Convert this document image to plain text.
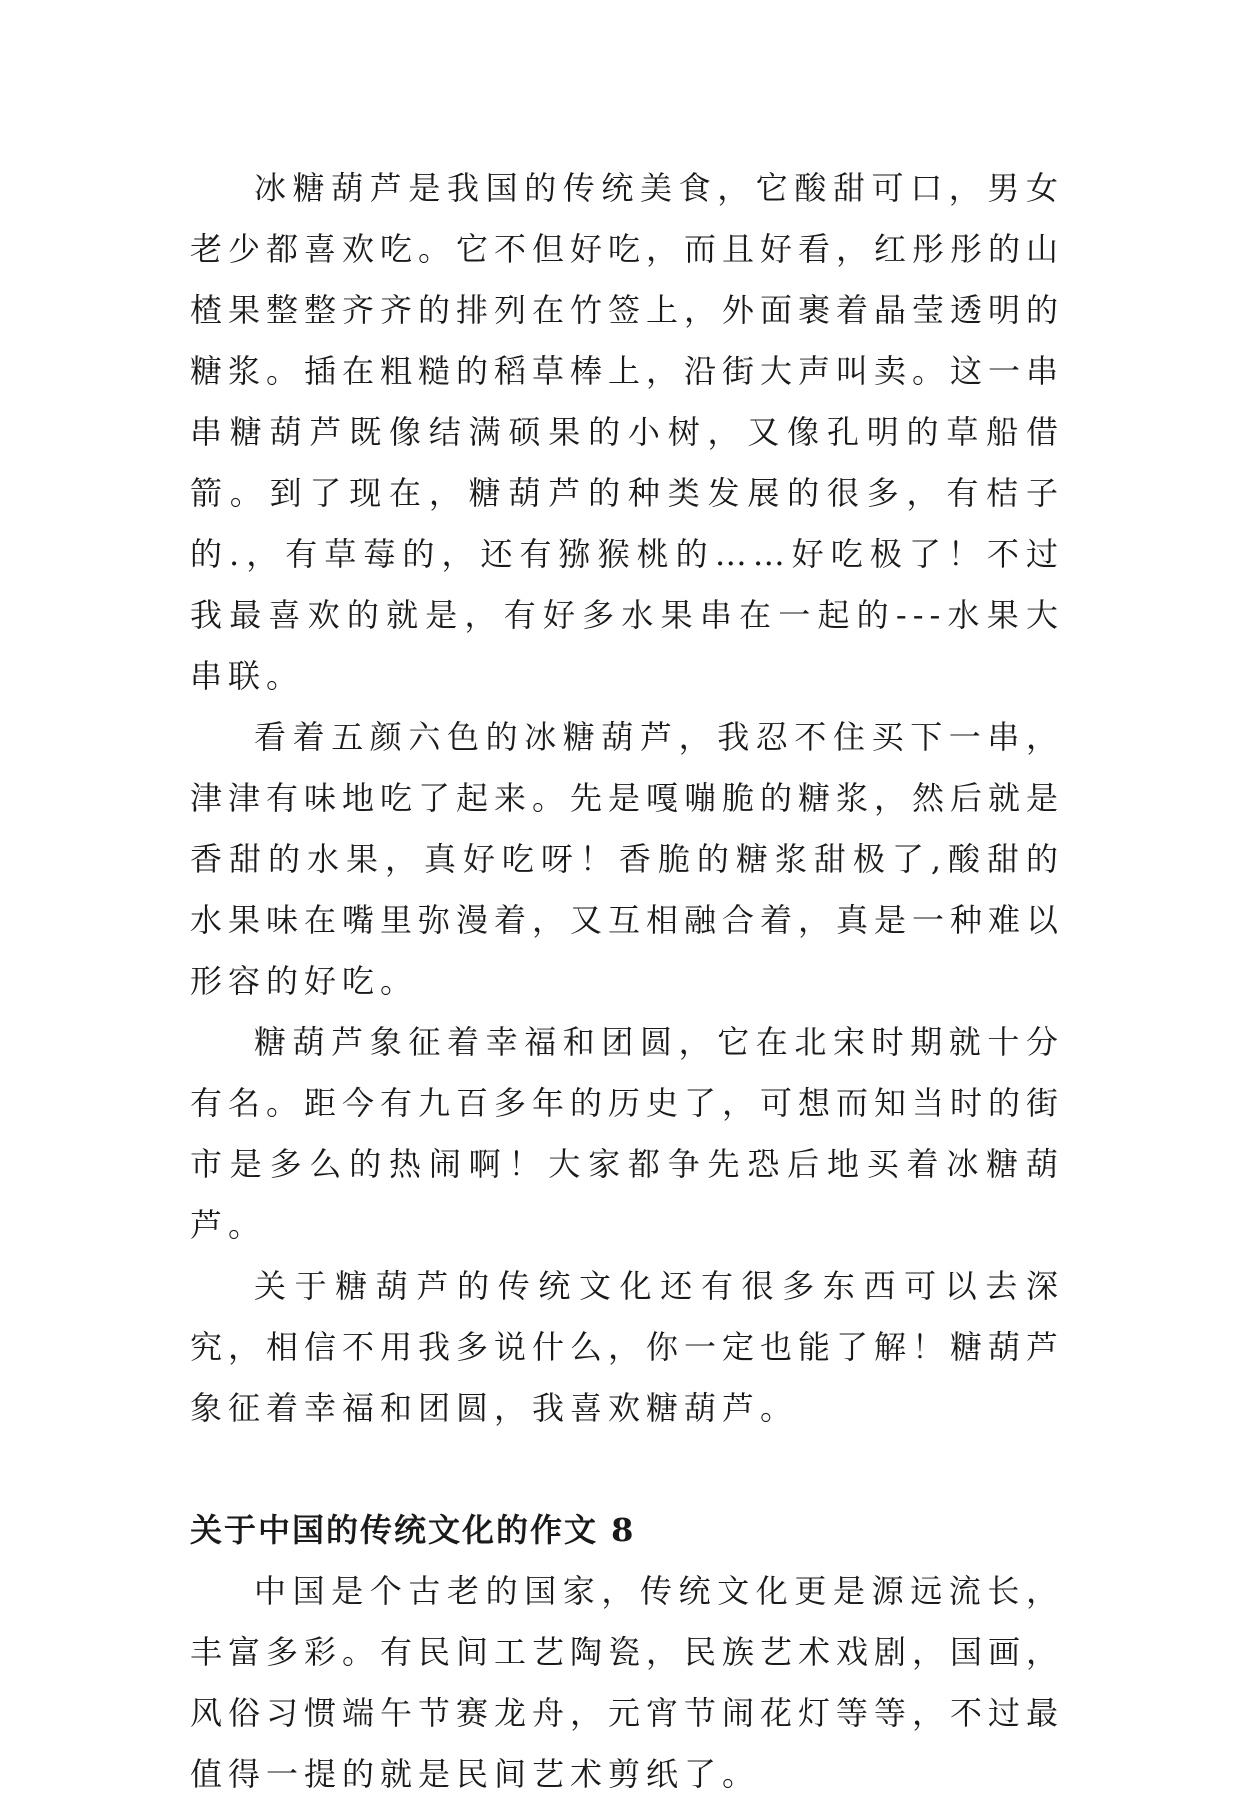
冰糖葫芦是我国的传统美食，它酸甜可口，男女老少都喜欢吃。它不但好吃，而且好看，红彤彤的山楂果整整齐齐的排列在竹签上，外面裹着晶莹透明的糖浆。插在粗糙的稻草棒上，沿街大声叫卖。这一串串糖葫芦既像结满硕果的小树，又像孔明的草船借箭。到了现在，糖葫芦的种类发展的很多，有桔子的.，有草莓的，还有猕猴桃的……好吃极了！不过我最喜欢的就是，有好多水果串在一起的---水果大串联。

看着五颜六色的冰糖葫芦，我忍不住买下一串，津津有味地吃了起来。先是嘎嘣脆的糖浆，然后就是香甜的水果，真好吃呀！香脆的糖浆甜极了,酸甜的水果味在嘴里弥漫着，又互相融合着，真是一种难以形容的好吃。

糖葫芦象征着幸福和团圆，它在北宋时期就十分有名。距今有九百多年的历史了，可想而知当时的街市是多么的热闹啊！大家都争先恐后地买着冰糖葫芦。

关于糖葫芦的传统文化还有很多东西可以去深究，相信不用我多说什么，你一定也能了解！糖葫芦象征着幸福和团圆，我喜欢糖葫芦。

关于中国的传统文化的作文 8

中国是个古老的国家，传统文化更是源远流长，丰富多彩。有民间工艺陶瓷，民族艺术戏剧，国画，风俗习惯端午节赛龙舟，元宵节闹花灯等等，不过最值得一提的就是民间艺术剪纸了。
